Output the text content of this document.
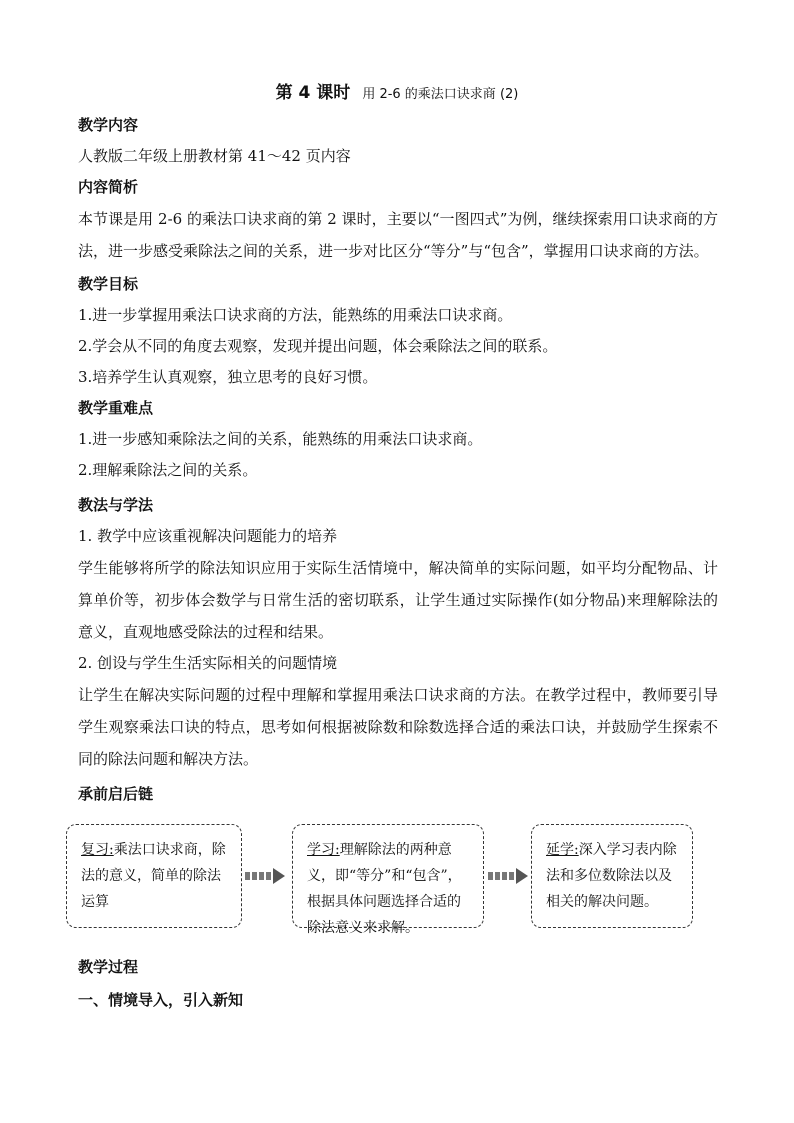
第 4 课时 用 2-6 的乘法口诀求商 (2)
教学内容
人教版二年级上册教材第 41～42 页内容
内容简析
本节课是用 2-6 的乘法口诀求商的第 2 课时，主要以“一图四式”为例，继续探索用口诀求商的方法，进一步感受乘除法之间的关系，进一步对比区分“等分”与“包含”，掌握用口诀求商的方法。
教学目标
1.进一步掌握用乘法口诀求商的方法，能熟练的用乘法口诀求商。
2.学会从不同的角度去观察，发现并提出问题，体会乘除法之间的联系。
3.培养学生认真观察，独立思考的良好习惯。
教学重难点
1.进一步感知乘除法之间的关系，能熟练的用乘法口诀求商。
2.理解乘除法之间的关系。
教法与学法
1. 教学中应该重视解决问题能力的培养
学生能够将所学的除法知识应用于实际生活情境中，解决简单的实际问题，如平均分配物品、计算单价等，初步体会数学与日常生活的密切联系，让学生通过实际操作(如分物品)来理解除法的意义，直观地感受除法的过程和结果。
2. 创设与学生生活实际相关的问题情境
让学生在解决实际问题的过程中理解和掌握用乘法口诀求商的方法。在教学过程中，教师要引导学生观察乘法口诀的特点，思考如何根据被除数和除数选择合适的乘法口诀，并鼓励学生探索不同的除法问题和解决方法。
承前启后链
复习:乘法口诀求商，除法的意义，简单的除法运算
学习:理解除法的两种意义，即“等分”和“包含”，根据具体问题选择合适的除法意义来求解。
延学:深入学习表内除法和多位数除法以及相关的解决问题。
教学过程
一、情境导入，引入新知
